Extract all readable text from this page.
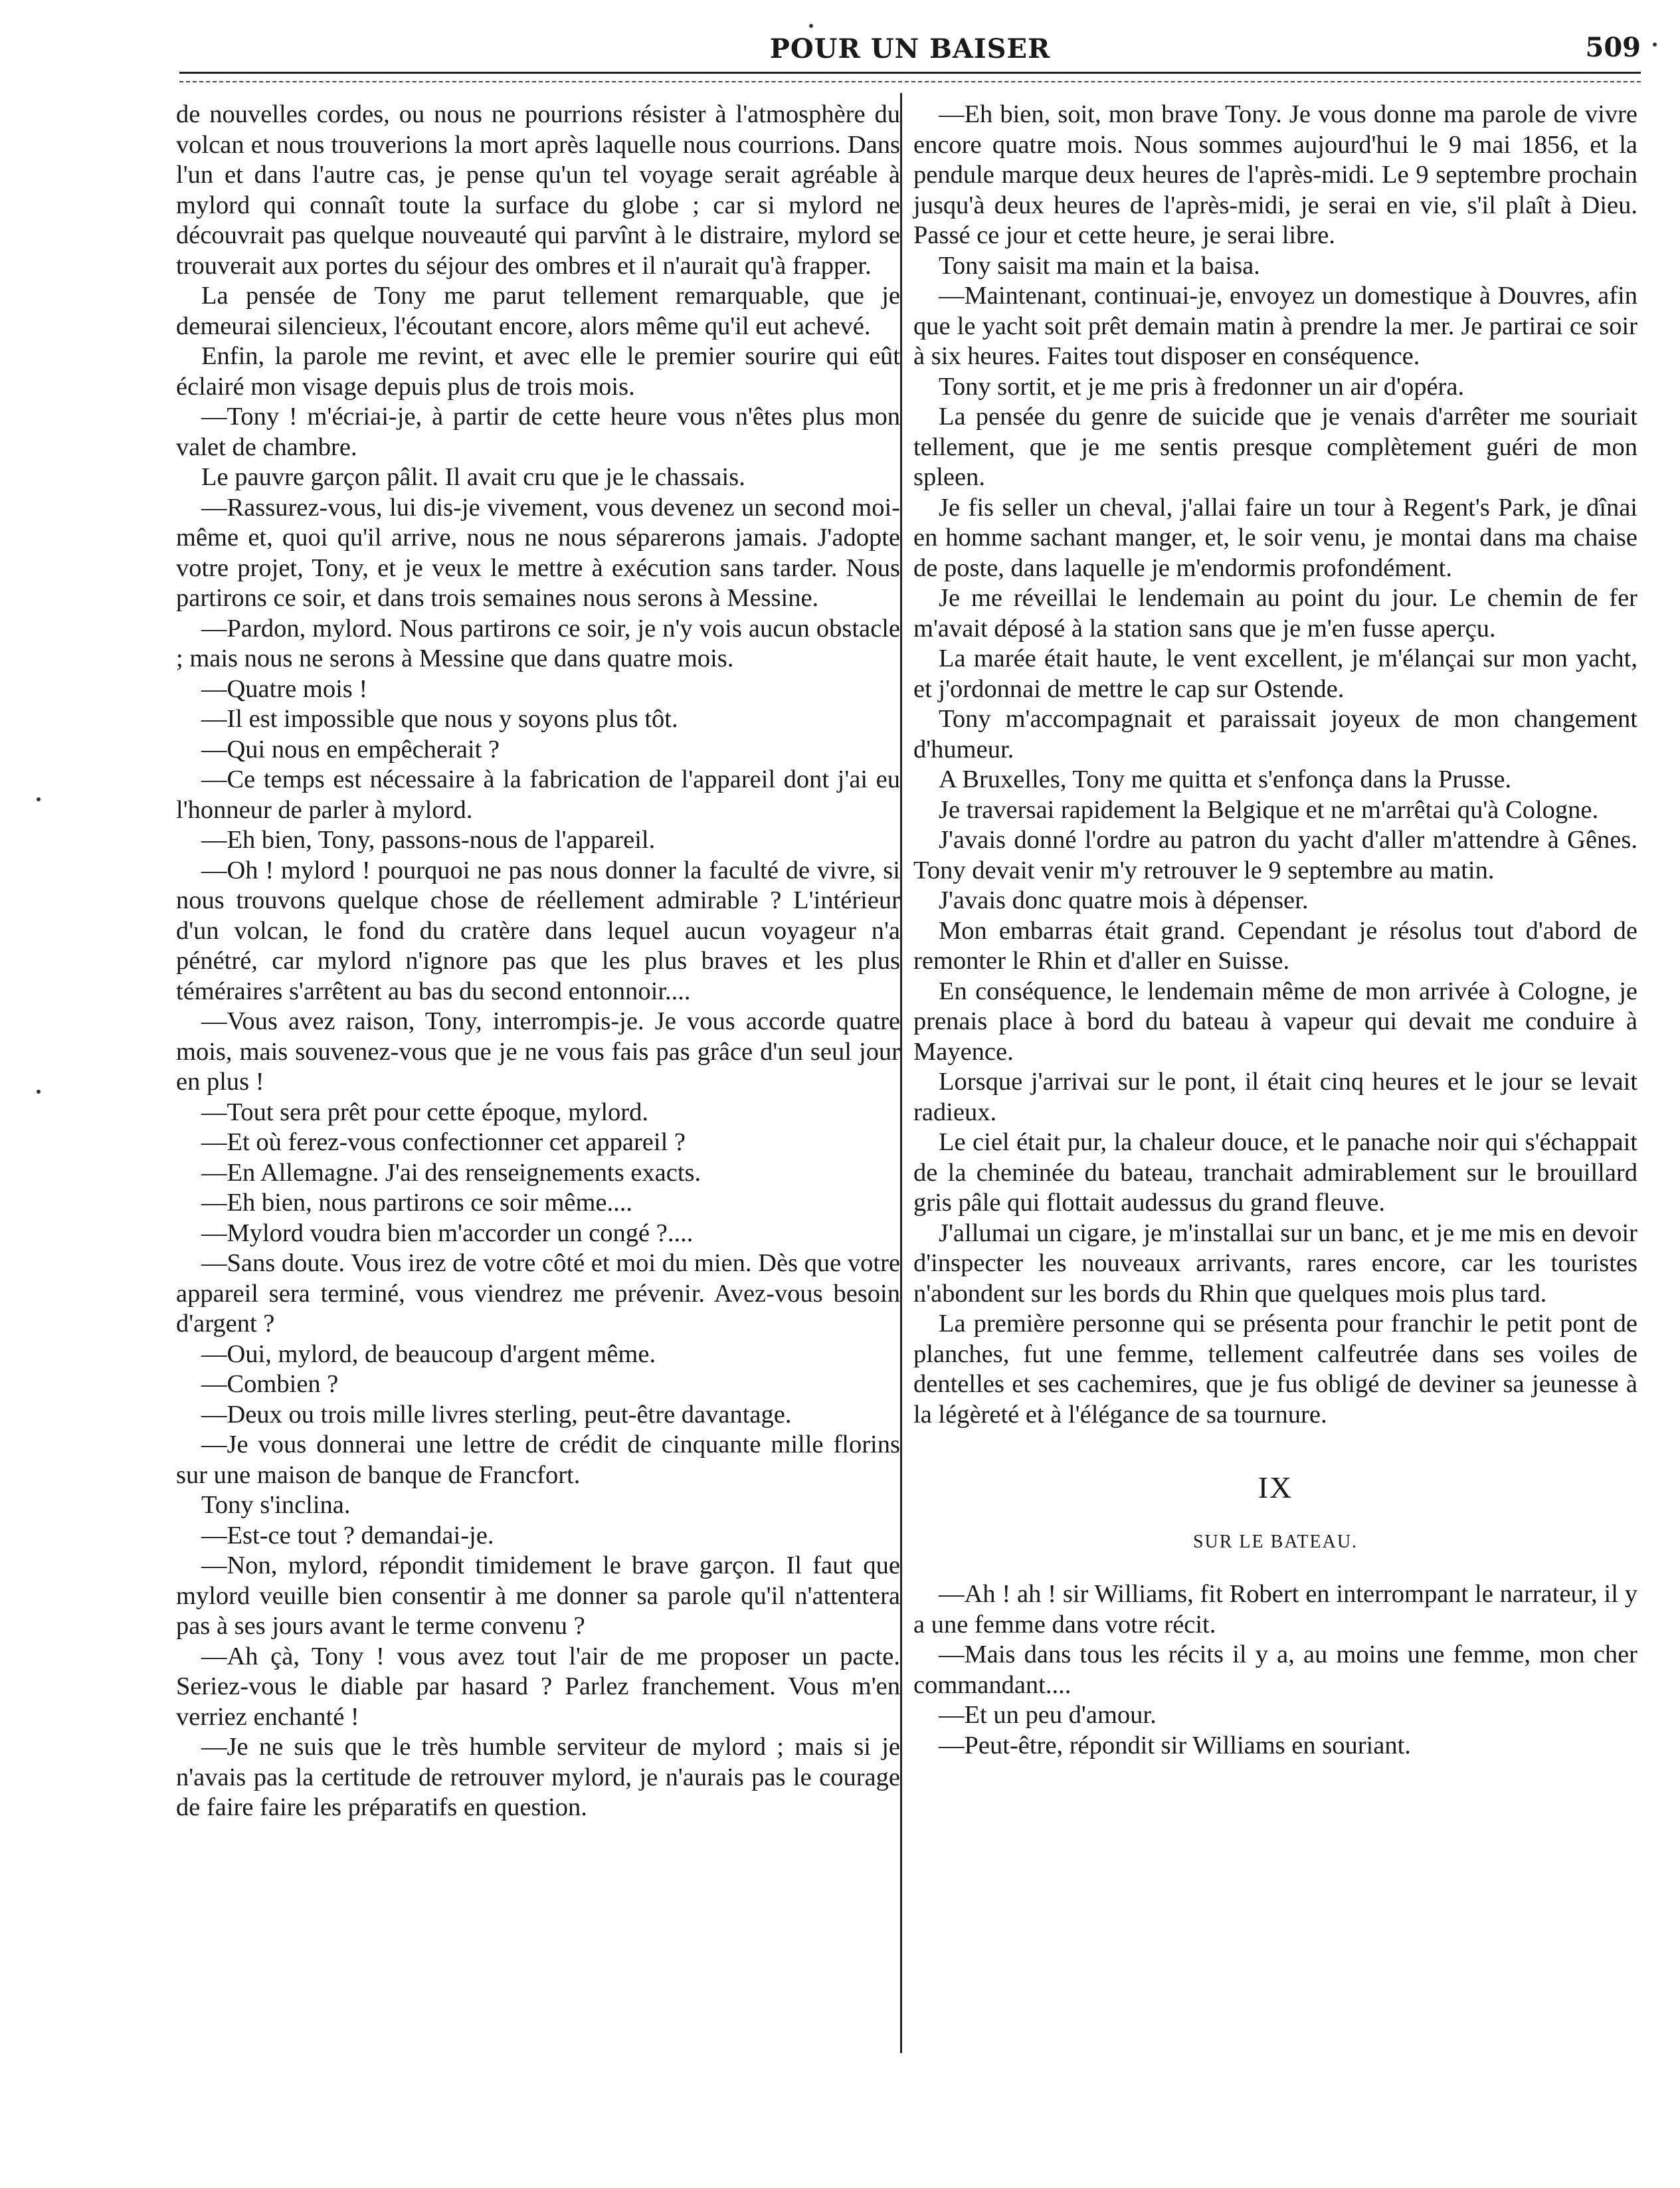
POUR UN BAISER	509

de nouvelles cordes, ou nous ne pourrions résister à l'atmosphère du volcan et nous trouverions la mort après laquelle nous courrions. Dans l'un et dans l'autre cas, je pense qu'un tel voyage serait agréable à mylord qui connaît toute la surface du globe ; car si mylord ne découvrait pas quelque nouveauté qui parvînt à le distraire, mylord se trouverait aux portes du séjour des ombres et il n'aurait qu'à frapper.

La pensée de Tony me parut tellement remarquable, que je demeurai silencieux, l'écoutant encore, alors même qu'il eut achevé.

Enfin, la parole me revint, et avec elle le premier sourire qui eût éclairé mon visage depuis plus de trois mois.

—Tony ! m'écriai-je, à partir de cette heure vous n'êtes plus mon valet de chambre.

Le pauvre garçon pâlit. Il avait cru que je le chassais.

—Rassurez-vous, lui dis-je vivement, vous devenez un second moi-même et, quoi qu'il arrive, nous ne nous séparerons jamais. J'adopte votre projet, Tony, et je veux le mettre à exécution sans tarder. Nous partirons ce soir, et dans trois semaines nous serons à Messine.

—Pardon, mylord. Nous partirons ce soir, je n'y vois aucun obstacle ; mais nous ne serons à Messine que dans quatre mois.

—Quatre mois !

—Il est impossible que nous y soyons plus tôt.

—Qui nous en empêcherait ?

—Ce temps est nécessaire à la fabrication de l'appareil dont j'ai eu l'honneur de parler à mylord.

—Eh bien, Tony, passons-nous de l'appareil.

—Oh ! mylord ! pourquoi ne pas nous donner la faculté de vivre, si nous trouvons quelque chose de réellement admirable ? L'intérieur d'un volcan, le fond du cratère dans lequel aucun voyageur n'a pénétré, car mylord n'ignore pas que les plus braves et les plus téméraires s'arrêtent au bas du second entonnoir....

—Vous avez raison, Tony, interrompis-je. Je vous accorde quatre mois, mais souvenez-vous que je ne vous fais pas grâce d'un seul jour en plus !

—Tout sera prêt pour cette époque, mylord.

—Et où ferez-vous confectionner cet appareil ?

—En Allemagne. J'ai des renseignements exacts.

—Eh bien, nous partirons ce soir même....

—Mylord voudra bien m'accorder un congé ?....

—Sans doute. Vous irez de votre côté et moi du mien. Dès que votre appareil sera terminé, vous viendrez me prévenir. Avez-vous besoin d'argent ?

—Oui, mylord, de beaucoup d'argent même.

—Combien ?

—Deux ou trois mille livres sterling, peut-être davantage.

—Je vous donnerai une lettre de crédit de cinquante mille florins sur une maison de banque de Francfort.

Tony s'inclina.

—Est-ce tout ? demandai-je.

—Non, mylord, répondit timidement le brave garçon. Il faut que mylord veuille bien consentir à me donner sa parole qu'il n'attentera pas à ses jours avant le terme convenu ?

—Ah çà, Tony ! vous avez tout l'air de me proposer un pacte. Seriez-vous le diable par hasard ? Parlez franchement. Vous m'en verriez enchanté !

—Je ne suis que le très humble serviteur de mylord ; mais si je n'avais pas la certitude de retrouver mylord, je n'aurais pas le courage de faire faire les préparatifs en question.

—Eh bien, soit, mon brave Tony. Je vous donne ma parole de vivre encore quatre mois. Nous sommes aujourd'hui le 9 mai 1856, et la pendule marque deux heures de l'après-midi. Le 9 septembre prochain jusqu'à deux heures de l'après-midi, je serai en vie, s'il plaît à Dieu. Passé ce jour et cette heure, je serai libre.

Tony saisit ma main et la baisa.

—Maintenant, continuai-je, envoyez un domestique à Douvres, afin que le yacht soit prêt demain matin à prendre la mer. Je partirai ce soir à six heures. Faites tout disposer en conséquence.

Tony sortit, et je me pris à fredonner un air d'opéra.

La pensée du genre de suicide que je venais d'arrêter me souriait tellement, que je me sentis presque complètement guéri de mon spleen.

Je fis seller un cheval, j'allai faire un tour à Regent's Park, je dînai en homme sachant manger, et, le soir venu, je montai dans ma chaise de poste, dans laquelle je m'endormis profondément.

Je me réveillai le lendemain au point du jour. Le chemin de fer m'avait déposé à la station sans que je m'en fusse aperçu.

La marée était haute, le vent excellent, je m'élançai sur mon yacht, et j'ordonnai de mettre le cap sur Ostende.

Tony m'accompagnait et paraissait joyeux de mon changement d'humeur.

A Bruxelles, Tony me quitta et s'enfonça dans la Prusse.

Je traversai rapidement la Belgique et ne m'arrêtai qu'à Cologne.

J'avais donné l'ordre au patron du yacht d'aller m'attendre à Gênes. Tony devait venir m'y retrouver le 9 septembre au matin.

J'avais donc quatre mois à dépenser.

Mon embarras était grand. Cependant je résolus tout d'abord de remonter le Rhin et d'aller en Suisse.

En conséquence, le lendemain même de mon arrivée à Cologne, je prenais place à bord du bateau à vapeur qui devait me conduire à Mayence.

Lorsque j'arrivai sur le pont, il était cinq heures et le jour se levait radieux.

Le ciel était pur, la chaleur douce, et le panache noir qui s'échappait de la cheminée du bateau, tranchait admirablement sur le brouillard gris pâle qui flottait audessus du grand fleuve.

J'allumai un cigare, je m'installai sur un banc, et je me mis en devoir d'inspecter les nouveaux arrivants, rares encore, car les touristes n'abondent sur les bords du Rhin que quelques mois plus tard.

La première personne qui se présenta pour franchir le petit pont de planches, fut une femme, tellement calfeutrée dans ses voiles de dentelles et ses cachemires, que je fus obligé de deviner sa jeunesse à la légèreté et à l'élégance de sa tournure.

IX
SUR LE BATEAU.

—Ah ! ah ! sir Williams, fit Robert en interrompant le narrateur, il y a une femme dans votre récit.

—Mais dans tous les récits il y a, au moins une femme, mon cher commandant....

—Et un peu d'amour.

—Peut-être, répondit sir Williams en souriant.
